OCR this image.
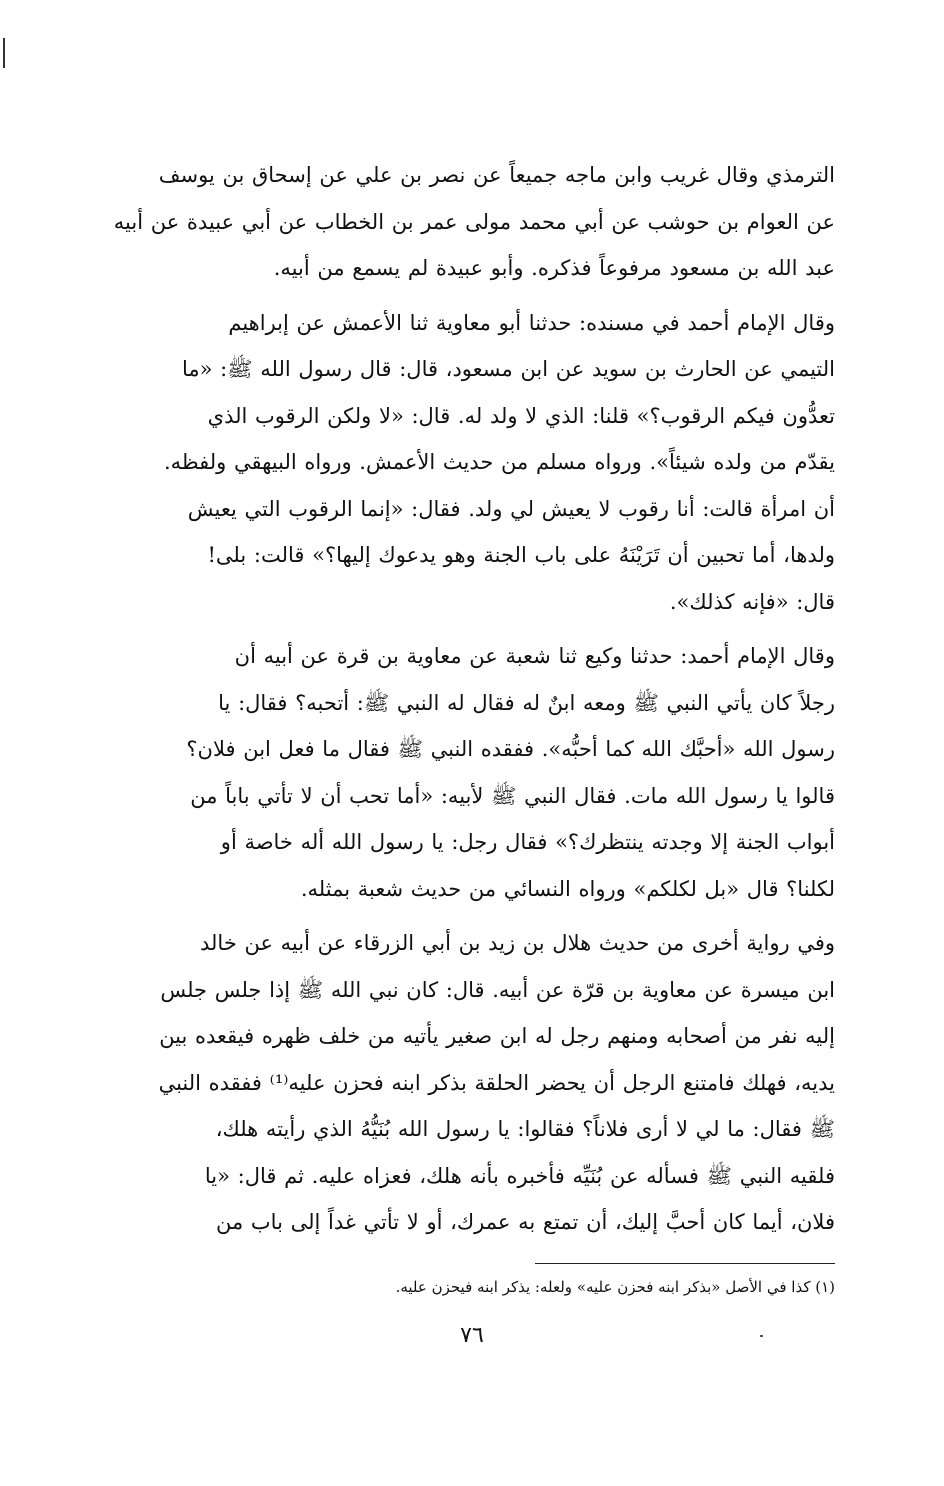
الترمذي وقال غريب وابن ماجه جميعاً عن نصر بن علي عن إسحاق بن يوسف
عن العوام بن حوشب عن أبي محمد مولى عمر بن الخطاب عن أبي عبيدة عن أبيه
عبد الله بن مسعود مرفوعاً فذكره. وأبو عبيدة لم يسمع من أبيه.

وقال الإمام أحمد في مسنده: حدثنا أبو معاوية ثنا الأعمش عن إبراهيم
التيمي عن الحارث بن سويد عن ابن مسعود، قال: قال رسول الله ﷺ: «ما
تعدُّون فيكم الرقوب؟» قلنا: الذي لا ولد له. قال: «لا ولكن الرقوب الذي
يقدّم من ولده شيئاً». ورواه مسلم من حديث الأعمش. ورواه البيهقي ولفظه.
أن امرأة قالت: أنا رقوب لا يعيش لي ولد. فقال: «إنما الرقوب التي يعيش
ولدها، أما تحبين أن تَرَيْنَهُ على باب الجنة وهو يدعوك إليها؟» قالت: بلى!
قال: «فإنه كذلك».

وقال الإمام أحمد: حدثنا وكيع ثنا شعبة عن معاوية بن قرة عن أبيه أن
رجلاً كان يأتي النبي ﷺ ومعه ابنٌ له فقال له النبي ﷺ: أتحبه؟ فقال: يا
رسول الله «أحبَّك الله كما أحبُّه». ففقده النبي ﷺ فقال ما فعل ابن فلان؟
قالوا يا رسول الله مات. فقال النبي ﷺ لأبيه: «أما تحب أن لا تأتي باباً من
أبواب الجنة إلا وجدته ينتظرك؟» فقال رجل: يا رسول الله أله خاصة أو
لكلنا؟ قال «بل لكلكم» ورواه النسائي من حديث شعبة بمثله.

وفي رواية أخرى من حديث هلال بن زيد بن أبي الزرقاء عن أبيه عن خالد
ابن ميسرة عن معاوية بن قرّة عن أبيه. قال: كان نبي الله ﷺ إذا جلس جلس
إليه نفر من أصحابه ومنهم رجل له ابن صغير يأتيه من خلف ظهره فيقعده بين
يديه، فهلك فامتنع الرجل أن يحضر الحلقة بذكر ابنه فحزن عليه⁽¹⁾ ففقده النبي
ﷺ فقال: ما لي لا أرى فلاناً؟ فقالوا: يا رسول الله بُنَيُّهُ الذي رأيته هلك،
فلقيه النبي ﷺ فسأله عن بُنَيِّه فأخبره بأنه هلك، فعزاه عليه. ثم قال: «يا
فلان، أيما كان أحبَّ إليك، أن تمتع به عمرك، أو لا تأتي غداً إلى باب من

(١) كذا في الأصل «بذكر ابنه فحزن عليه» ولعله: يذكر ابنه فيحزن عليه.
٧٦
